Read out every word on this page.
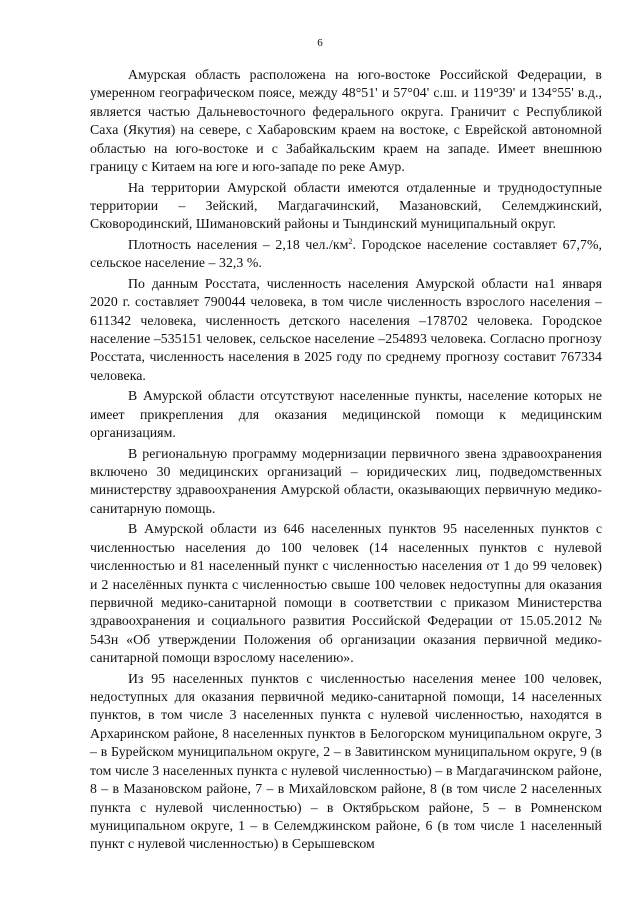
6

Амурская область расположена на юго-востоке Российской Федерации, в умеренном географическом поясе, между 48°51' и 57°04' с.ш. и 119°39' и 134°55' в.д., является частью Дальневосточного федерального округа. Граничит с Республикой Саха (Якутия) на севере, с Хабаровским краем на востоке, с Еврейской автономной областью на юго-востоке и с Забайкальским краем на западе. Имеет внешнюю границу с Китаем на юге и юго-западе по реке Амур.

На территории Амурской области имеются отдаленные и труднодоступные территории – Зейский, Магдагачинский, Мазановский, Селемджинский, Сковородинский, Шимановский районы и Тындинский муниципальный округ.

Плотность населения – 2,18 $чел./км^2$. Городское население составляет 67,7%, сельское население – 32,3 %.

По данным Росстата, численность населения Амурской области на1 января 2020 г. составляет 790044 человека, в том числе численность взрослого населения –611342 человека, численность детского населения –178702 человека. Городское население –535151 человек, сельское население –254893 человека. Согласно прогнозу Росстата, численность населения в 2025 году по среднему прогнозу составит 767334 человека.

В Амурской области отсутствуют населенные пункты, население которых не имеет прикрепления для оказания медицинской помощи к медицинским организациям.

В региональную программу модернизации первичного звена здравоохранения включено 30 медицинских организаций – юридических лиц, подведомственных министерству здравоохранения Амурской области, оказывающих первичную медико-санитарную помощь.

В Амурской области из 646 населенных пунктов 95 населенных пунктов с численностью населения до 100 человек (14 населенных пунктов с нулевой численностью и 81 населенный пункт с численностью населения от 1 до 99 человек) и 2 населённых пункта с численностью свыше 100 человек недоступны для оказания первичной медико-санитарной помощи в соответствии с приказом Министерства здравоохранения и социального развития Российской Федерации от 15.05.2012 № 543н «Об утверждении Положения об организации оказания первичной медико-санитарной помощи взрослому населению».

Из 95 населенных пунктов с численностью населения менее 100 человек, недоступных для оказания первичной медико-санитарной помощи, 14 населенных пунктов, в том числе 3 населенных пункта с нулевой численностью, находятся в Архаринском районе, 8 населенных пунктов в Белогорском муниципальном округе, 3 – в Бурейском муниципальном округе, 2 – в Завитинском муниципальном округе, 9 (в том числе 3 населенных пункта с нулевой численностью) – в Магдагачинском районе, 8 – в Мазановском районе, 7 – в Михайловском районе, 8 (в том числе 2 населенных пункта с нулевой численностью) – в Октябрьском районе, 5 – в Ромненском муниципальном округе, 1 – в Селемджинском районе, 6 (в том числе 1 населенный пункт с нулевой численностью) в Серышевском
